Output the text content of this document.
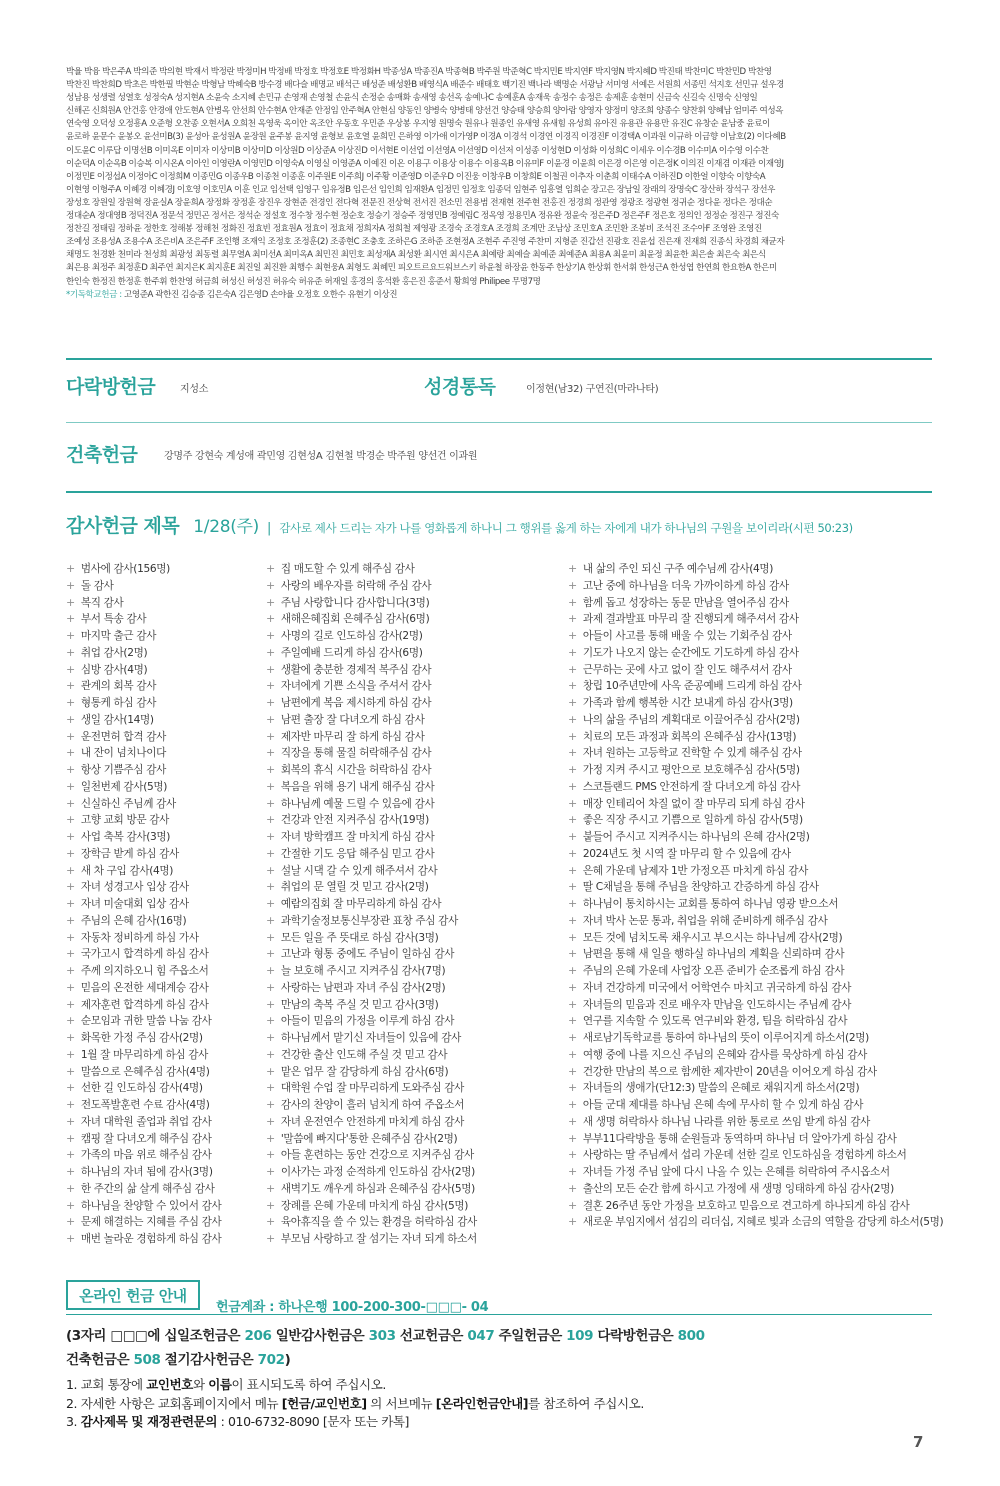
박율 박융 박은주A 박의준 박의현 박재서 박정란 박정미H 박정배 박정호 박정호E 박정화H 박종성A 박종진A 박종혁B 박주원 박준혁C 박지민E 박지연F 박지영N 박지혜D 박진태 박찬미C 박찬민D 박찬영
박찬진 박찬희D 박초은 박한필 박현순 박형남 박혜숙B 방수경 배다슬 배명교 배석근 배성준 배성환B 배영식A 배준수 배태호 백기진 백나라 백명순 서광남 서미영 서예은 서원희 서종민 석지호 선민규 설우경
성남용 성생렬 성열호 성정숙A 성지현A 소윤숙 소지혜 손민규 손영재 손영철 손윤식 손정순 송매화 송새영 송선옥 송예나C 송예훈A 송재욱 송정수 송정은 송제훈 송현미 신금숙 신길숙 신명숙 신영일
신해곤 신희원A 안건홍 안경애 안도현A 안병옥 안선희 안수현A 안재준 안정임 안주혁A 안현심 양동인 양병숙 양병태 양선건 양승태 양승희 양아람 양영자 양정미 양조희 양종수 양찬휘 양혜남 엄미주 여성옥
연숙영 오덕성 오정흥A 오준형 오찬종 오현서A 오희천 옥영욱 옥이안 옥조안 우동호 우민준 우상봉 우지영 원명숙 원유나 원종인 유새영 유새힘 유성희 유아진 유용관 유용만 유진C 유창순 윤남중 윤료이
윤로하 윤문수 윤봉오 윤선미B(3) 윤성아 윤성원A 윤장원 윤주봉 윤지영 윤형보 윤호열 윤희민 은하영 이가애 이가영P 이경A 이경석 이경연 이경직 이경진F 이경택A 이과원 이규하 이금향 이남호(2) 이다혜B
이도윤C 이루답 이명선B 이미옥E 이미자 이상미B 이상미D 이상원D 이상준A 이상진D 이서현E 이선업 이선영A 이선영D 이선저 이성종 이성현D 이성화 이성희C 이세우 이수경B 이수미A 이수영 이수찬
이순덕A 이순옥B 이승복 이시온A 이아인 이영란A 이영민D 이영숙A 이영실 이영준A 이예진 이온 이용구 이용상 이용수 이용옥B 이유미F 이윤경 이윤희 이은경 이은영 이은정K 이의진 이재겸 이재관 이재영J
이정민E 이정섭A 이정아C 이정희M 이종민G 이종우B 이종천 이종훈 이주원E 이주희J 이주황 이준영D 이준우D 이진웅 이창우B 이창희E 이철권 이추자 이춘희 이태수A 이하진D 이한얼 이향숙 이향숙A
이현영 이형주A 이혜경 이혜경J 이호영 이호민A 이훈 인교 임선택 임영구 임유정B 임은선 임인희 임재환A 임정민 임정호 임종덕 임현주 임흥열 임희순 장고은 장남일 장래의 장명숙C 장산하 장석구 장선우
장성호 장원일 장원혁 장윤실A 장윤희A 장정화 장정훈 장진우 장현준 전경인 전다혁 전문진 전상혁 전서진 전소민 전용범 전재현 전주현 전홍진 정경희 정관영 정광조 정광현 정귀순 정다윤 정다은 정대순
정대순A 정대영B 정덕진A 정문석 정민곤 정서은 정석순 정설호 정수창 정수현 정순호 정승기 정승주 정영민B 정예림C 정옥영 정용민A 정유완 정윤숙 정은주D 정은주F 정은호 정의인 정정순 정진구 정진숙
정찬길 정태림 정하윤 정한호 정해봉 정해천 정화진 정효빈 정효원A 정효이 정효채 정희자A 정희철 제영광 조경숙 조경호A 조경희 조계만 조남상 조민호A 조민환 조봉비 조석진 조수아F 조영완 조영진
조예성 조용성A 조용수A 조은비A 조은주F 조인행 조재익 조정호 조정훈(2) 조종현C 조충호 조하은G 조하준 조현정A 조현주 주진영 주찬미 지형준 진갑선 진광호 진윤섭 진은재 진재희 진종식 차경희 채균자
채명도 천경환 천미라 천성희 최광성 최동렬 최무열A 최미선A 최미옥A 최민진 최민호 최성재A 최성환 최시연 최시은A 최예랑 최예슬 최예준 최예준A 최용A 최윤미 최윤정 최윤한 최은솔 최은숙 최은식
최은용 최정주 최정훈D 최주연 최지은K 최지훈E 최진일 최진환 최행수 최현웅A 최형도 최혜민 피오트르요드워브스키 하윤철 하장윤 한동주 한상기A 한상휘 한서휘 한성근A 한성엽 한연희 한요한A 한은미
한인숙 한정진 한정훈 한주휘 한찬영 허금희 허성신 허성진 허유숙 허유준 허재일 홍경의 홍석환 홍은진 홍준서 황희영 Philipee 무명7명
*기독학교헌금 : 고영준A 곽한진 김승종 김은숙A 김은영D 손야율 오정호 오한수 유현기 이상진
다락방헌금 지성소	성경통독	이정현(남32) 구연진(마라나타)
건축헌금	강명주 강현숙 계성애 곽민영 김현성A 김현철 박경순 박주원 양선건 이과원
감사헌금 제목 1/28(주) | 감사로 제사 드리는 자가 나를 영화롭게 하나니 그 행위를 옳게 하는 자에게 내가 하나님의 구원을 보이리라(시편 50:23)
+ 범사에 감사(156명)
+ 돌 감사
+ 복직 감사
+ 부서 특송 감사
+ 마지막 출근 감사
+ 취업 감사(2명)
+ 심방 감사(4명)
+ 관계의 회복 감사
+ 형통케 하심 감사
+ 생일 감사(14명)
+ 운전면허 합격 감사
+ 내 잔이 넘치나이다
+ 항상 기쁨주심 감사
+ 일천번제 감사(5명)
+ 신실하신 주님께 감사
+ 고향 교회 방문 감사
+ 사업 축복 감사(3명)
+ 장학금 받게 하심 감사
+ 새 차 구입 감사(4명)
+ 자녀 성경고사 입상 감사
+ 자녀 미술대회 입상 감사
+ 주님의 은혜 감사(16명)
+ 자동차 정비하게 하심 가사
+ 국가고시 합격하게 하심 감사
+ 주께 의지하오니 힘 주옵소서
+ 믿음의 온전한 세대계승 감사
+ 제자훈련 합격하게 하심 감사
+ 순모임과 귀한 말씀 나눔 감사
+ 화목한 가정 주심 감사(2명)
+ 1월 잘 마무리하게 하심 감사
+ 말씀으로 은혜주심 감사(4명)
+ 선한 길 인도하심 감사(4명)
+ 전도폭발훈련 수료 감사(4명)
+ 자녀 대학원 졸업과 취업 감사
+ 캠핑 잘 다녀오게 해주심 감사
+ 가족의 마음 위로 해주심 감사
+ 하나님의 자녀 됨에 감사(3명)
+ 한 주간의 삶 살게 해주심 감사
+ 하나님을 찬양할 수 있어서 감사
+ 문제 해결하는 지혜를 주심 감사
+ 매번 놀라운 경험하게 하심 감사
+ 집 매도할 수 있게 해주심 감사
+ 사랑의 배우자를 허락해 주심 감사
+ 주님 사랑합니다 감사합니다(3명)
+ 새해은혜집회 은혜주심 감사(6명)
+ 사명의 길로 인도하심 감사(2명)
+ 주일예배 드리게 하심 감사(6명)
+ 생활에 충분한 경제적 복주심 감사
+ 자녀에게 기쁜 소식을 주셔서 감사
+ 남편에게 복음 제시하게 하심 감사
+ 남편 출장 잘 다녀오게 하심 감사
+ 제자반 마무리 잘 하게 하심 감사
+ 직장을 통해 물질 허락해주심 감사
+ 회복의 휴식 시간을 허락하심 감사
+ 복음을 위해 용기 내게 해주심 감사
+ 하나님께 예물 드릴 수 있음에 감사
+ 건강과 안전 지켜주심 감사(19명)
+ 자녀 방학캠프 잘 마치게 하심 감사
+ 간절한 기도 응답 해주심 믿고 감사
+ 설날 시댁 갈 수 있게 해주셔서 감사
+ 취업의 문 열릴 것 믿고 감사(2명)
+ 예람의집회 잘 마무리하게 하심 감사
+ 과학기술정보통신부장관 표창 주심 감사
+ 모든 일을 주 뜻대로 하심 감사(3명)
+ 고난과 형통 중에도 주님이 일하심 감사
+ 늘 보호해 주시고 지켜주심 감사(7명)
+ 사랑하는 남편과 자녀 주심 감사(2명)
+ 만남의 축복 주실 것 믿고 감사(3명)
+ 아들이 믿음의 가정을 이루게 하심 감사
+ 하나님께서 맡기신 자녀들이 있음에 감사
+ 건강한 출산 인도해 주실 것 믿고 감사
+ 맡은 업무 잘 감당하게 하심 감사(6명)
+ 대학원 수업 잘 마무리하게 도와주심 감사
+ 감사의 찬양이 흘러 넘치게 하여 주옵소서
+ 자녀 운전연수 안전하게 마치게 하심 감사
+ '말씀에 빠지다'통한 은혜주심 감사(2명)
+ 아들 훈련하는 동안 건강으로 지켜주심 감사
+ 이사가는 과정 순적하게 인도하심 감사(2명)
+ 새벽기도 깨우게 하심과 은혜주심 감사(5명)
+ 장례를 은혜 가운데 마치게 하심 감사(5명)
+ 육아휴직을 쓸 수 있는 환경을 허락하심 감사
+ 부모님 사랑하고 잘 섬기는 자녀 되게 하소서
+ 내 삶의 주인 되신 구주 예수님께 감사(4명)
+ 고난 중에 하나님을 더욱 가까이하게 하심 감사
+ 함께 돕고 성장하는 동문 만남을 열어주심 감사
+ 과제 결과발표 마무리 잘 진행되게 해주셔서 감사
+ 아들이 사고를 통해 배울 수 있는 기회주심 감사
+ 기도가 나오지 않는 순간에도 기도하게 하심 감사
+ 근무하는 곳에 사고 없이 잘 인도 해주셔서 감사
+ 창립 10주년만에 사옥 준공예배 드리게 하심 감사
+ 가족과 함께 행복한 시간 보내게 하심 감사(3명)
+ 나의 삶을 주님의 계획대로 이끌어주심 감사(2명)
+ 치료의 모든 과정과 회복의 은혜주심 감사(13명)
+ 자녀 원하는 고등학교 진학할 수 있게 해주심 감사
+ 가정 지켜 주시고 평안으로 보호해주심 감사(5명)
+ 스코틀랜드 PMS 안전하게 잘 다녀오게 하심 감사
+ 매장 인테리어 차질 없이 잘 마무리 되게 하심 감사
+ 좋은 직장 주시고 기쁨으로 일하게 하심 감사(5명)
+ 붙들어 주시고 지켜주시는 하나님의 은혜 감사(2명)
+ 2024년도 첫 시역 잘 마무리 할 수 있음에 감사
+ 은혜 가운데 남제자 1반 가정오픈 마치게 하심 감사
+ 딸 C채널을 통해 주님을 찬양하고 간증하게 하심 감사
+ 하나님이 통치하시는 교회를 통하여 하나님 영광 받으소서
+ 자녀 박사 논문 통과, 취업을 위해 준비하게 해주심 감사
+ 모든 것에 넘치도록 채우시고 부으시는 하나님께 감사(2명)
+ 남편을 통해 새 일을 행하실 하나님의 계획을 신뢰하며 감사
+ 주님의 은혜 가운데 사업장 오픈 준비가 순조롭게 하심 감사
+ 자녀 건강하게 미국에서 어학연수 마치고 귀국하게 하심 감사
+ 자녀들의 믿음과 진로 배우자 만남을 인도하시는 주님께 감사
+ 연구를 지속할 수 있도록 연구비와 환경, 팀을 허락하심 감사
+ 새로남기독학교를 통하여 하나님의 뜻이 이루어지게 하소서(2명)
+ 여행 중에 나를 지으신 주님의 은혜와 감사를 묵상하게 하심 감사
+ 건강한 만남의 복으로 함께한 제자반이 20년을 이어오게 하심 감사
+ 자녀들의 생애가(단12:3) 말씀의 은혜로 채워지게 하소서(2명)
+ 아들 군대 제대를 하나님 은혜 속에 무사히 할 수 있게 하심 감사
+ 새 생명 허락하사 하나님 나라를 위한 통로로 쓰임 받게 하심 감사
+ 부부11다락방을 통해 순원들과 동역하며 하나님 더 알아가게 하심 감사
+ 사랑하는 딸 주님께서 섭리 가운데 선한 길로 인도하심을 경험하게 하소서
+ 자녀들 가정 주님 앞에 다시 나올 수 있는 은혜를 허락하여 주시옵소서
+ 출산의 모든 순간 함께 하시고 가정에 새 생명 잉태하게 하심 감사(2명)
+ 결혼 26주년 동안 가정을 보호하고 믿음으로 견고하게 하나되게 하심 감사
+ 새로운 부임지에서 섬김의 리더십, 지혜로 빛과 소금의 역할을 감당케 하소서(5명)
온라인 헌금 안내
헌금계좌 : 하나은행 100-200-300-□□□- 04
(3자리 □□□에 십일조헌금은 206 일반감사헌금은 303 선교헌금은 047 주일헌금은 109 다락방헌금은 800
건축헌금은 508 절기감사헌금은 702)
1. 교회 통장에 교인번호와 이름이 표시되도록 하여 주십시오.
2. 자세한 사항은 교회홈페이지에서 메뉴 [헌금/교인번호] 의 서브메뉴 [온라인헌금안내]를 참조하여 주십시오.
3. 감사제목 및 재정관련문의 : 010-6732-8090 [문자 또는 카톡]
7
